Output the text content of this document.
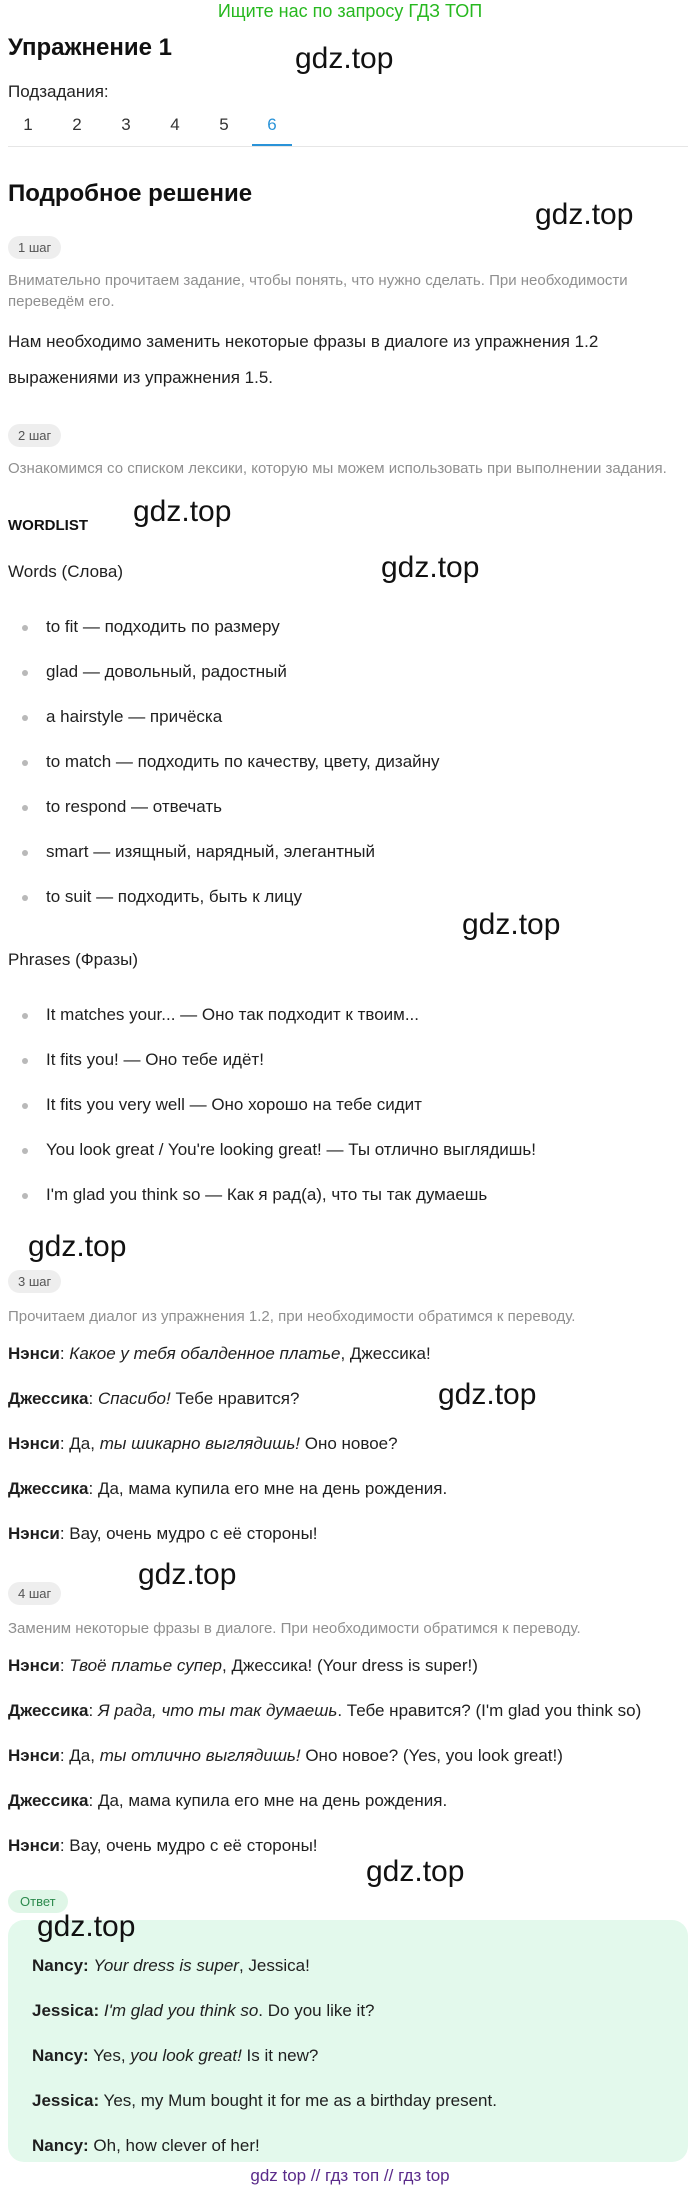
Ищите нас по запросу ГДЗ ТОП
Упражнение 1
Подзадания:
1	2	3	4	5	6
Подробное решение
1 шаг
Внимательно прочитаем задание, чтобы понять, что нужно сделать. При необходимости переведём его.
Нам необходимо заменить некоторые фразы в диалоге из упражнения 1.2
выражениями из упражнения 1.5.
2 шаг
Ознакомимся со списком лексики, которую мы можем использовать при выполнении задания.
WORDLIST
Words (Слова)
to fit — подходить по размеру
glad — довольный, радостный
a hairstyle — причёска
to match — подходить по качеству, цвету, дизайну
to respond — отвечать
smart — изящный, нарядный, элегантный
to suit — подходить, быть к лицу
Phrases (Фразы)
It matches your... — Оно так подходит к твоим...
It fits you! — Оно тебе идёт!
It fits you very well — Оно хорошо на тебе сидит
You look great / You're looking great! — Ты отлично выглядишь!
I'm glad you think so — Как я рад(а), что ты так думаешь
3 шаг
Прочитаем диалог из упражнения 1.2, при необходимости обратимся к переводу.
Нэнси: Какое у тебя обалденное платье, Джессика!
Джессика: Спасибо! Тебе нравится?
Нэнси: Да, ты шикарно выглядишь! Оно новое?
Джессика: Да, мама купила его мне на день рождения.
Нэнси: Вау, очень мудро с её стороны!
4 шаг
Заменим некоторые фразы в диалоге. При необходимости обратимся к переводу.
Нэнси: Твоё платье супер, Джессика! (Your dress is super!)
Джессика: Я рада, что ты так думаешь. Тебе нравится? (I'm glad you think so)
Нэнси: Да, ты отлично выглядишь! Оно новое? (Yes, you look great!)
Джессика: Да, мама купила его мне на день рождения.
Нэнси: Вау, очень мудро с её стороны!
Ответ
Nancy: Your dress is super, Jessica!
Jessica: I'm glad you think so. Do you like it?
Nancy: Yes, you look great! Is it new?
Jessica: Yes, my Mum bought it for me as a birthday present.
Nancy: Oh, how clever of her!
gdz.top
gdz.top
gdz.top
gdz.top
gdz.top
gdz.top
gdz.top
gdz.top
gdz.top
gdz.top
gdz top // гдз топ // гдз top
